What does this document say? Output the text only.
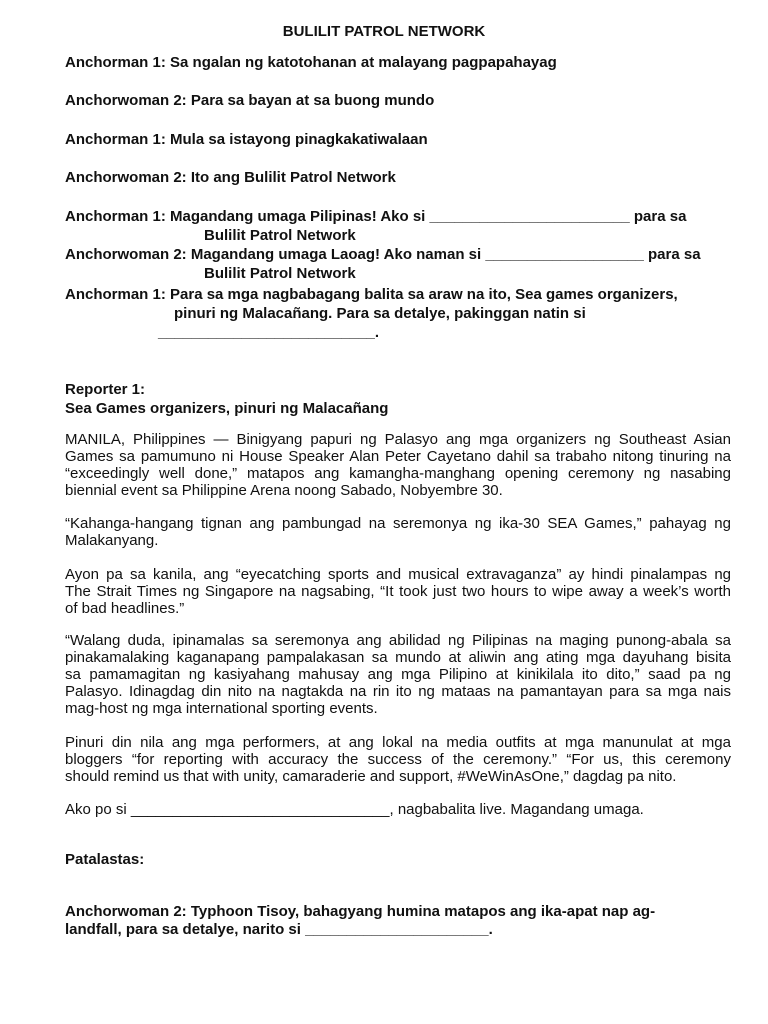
BULILIT PATROL NETWORK
Anchorman 1: Sa ngalan ng katotohanan at malayang pagpapahayag
Anchorwoman 2: Para sa bayan at sa buong mundo
Anchorman 1: Mula sa istayong pinagkakatiwalaan
Anchorwoman 2: Ito ang Bulilit Patrol Network
Anchorman 1: Magandang umaga Pilipinas! Ako si ________________________ para sa
Bulilit Patrol Network
Anchorwoman 2: Magandang umaga Laoag! Ako naman si ___________________ para sa
Bulilit Patrol Network
Anchorman 1: Para sa mga nagbabagang balita sa araw na ito, Sea games organizers,
pinuri ng Malacañang. Para sa detalye, pakinggan natin si
__________________________.
Reporter 1:
Sea Games organizers, pinuri ng Malacañang
MANILA, Philippines — Binigyang papuri ng Palasyo ang mga organizers ng Southeast Asian
Games sa pamumuno ni House Speaker Alan Peter Cayetano dahil sa trabaho nitong tinuring na
“exceedingly well done,” matapos ang kamangha-manghang opening ceremony ng nasabing
biennial event sa Philippine Arena noong Sabado, Nobyembre 30.
“Kahanga-hangang tignan ang pambungad na seremonya ng ika-30 SEA Games,” pahayag ng
Malakanyang.
Ayon pa sa kanila, ang “eyecatching sports and musical extravaganza” ay hindi pinalampas ng
The Strait Times ng Singapore na nagsabing, “It took just two hours to wipe away a week’s worth
of bad headlines.”
“Walang duda, ipinamalas sa seremonya ang abilidad ng Pilipinas na maging punong-abala sa
pinakamalaking kaganapang pampalakasan sa mundo at aliwin ang ating mga dayuhang bisita
sa pamamagitan ng kasiyahang mahusay ang mga Pilipino at kinikilala ito dito,” saad pa ng
Palasyo. Idinagdag din nito na nagtakda na rin ito ng mataas na pamantayan para sa mga nais
mag-host ng mga international sporting events.
Pinuri din nila ang mga performers, at ang lokal na media outfits at mga manunulat at mga
bloggers “for reporting with accuracy the success of the ceremony.” “For us, this ceremony
should remind us that with unity, camaraderie and support, #WeWinAsOne,” dagdag pa nito.
Ako po si _______________________________, nagbabalita live. Magandang umaga.
Patalastas:
Anchorwoman 2: Typhoon Tisoy, bahagyang humina matapos ang ika-apat nap ag-
landfall, para sa detalye, narito si ______________________.
